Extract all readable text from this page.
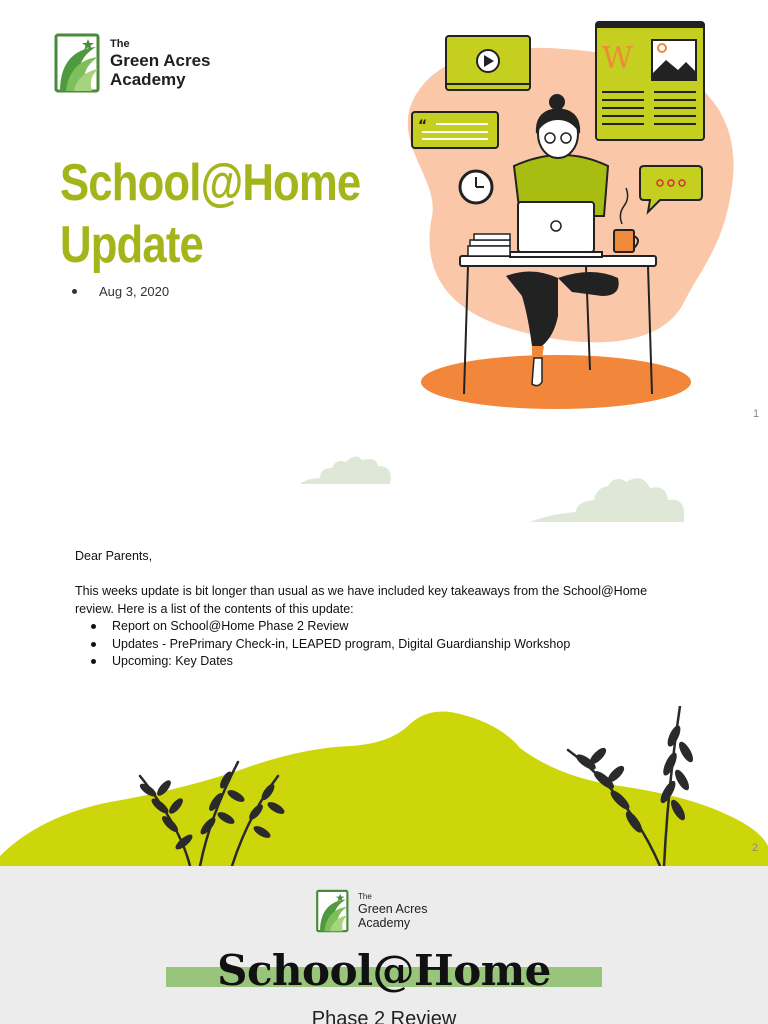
The
Green Acres
Academy
School@Home
Update
Aug 3, 2020
W
“
1

Dear Parents,

This weeks update is bit longer than usual as we have included key takeaways from the School@Home review. Here is a list of the contents of this update:

Report on School@Home Phase 2 Review
Updates - PrePrimary Check-in, LEAPED program, Digital Guardianship Workshop
Upcoming: Key Dates
2
The
Green Acres
Academy
School@Home
Phase 2 Review
